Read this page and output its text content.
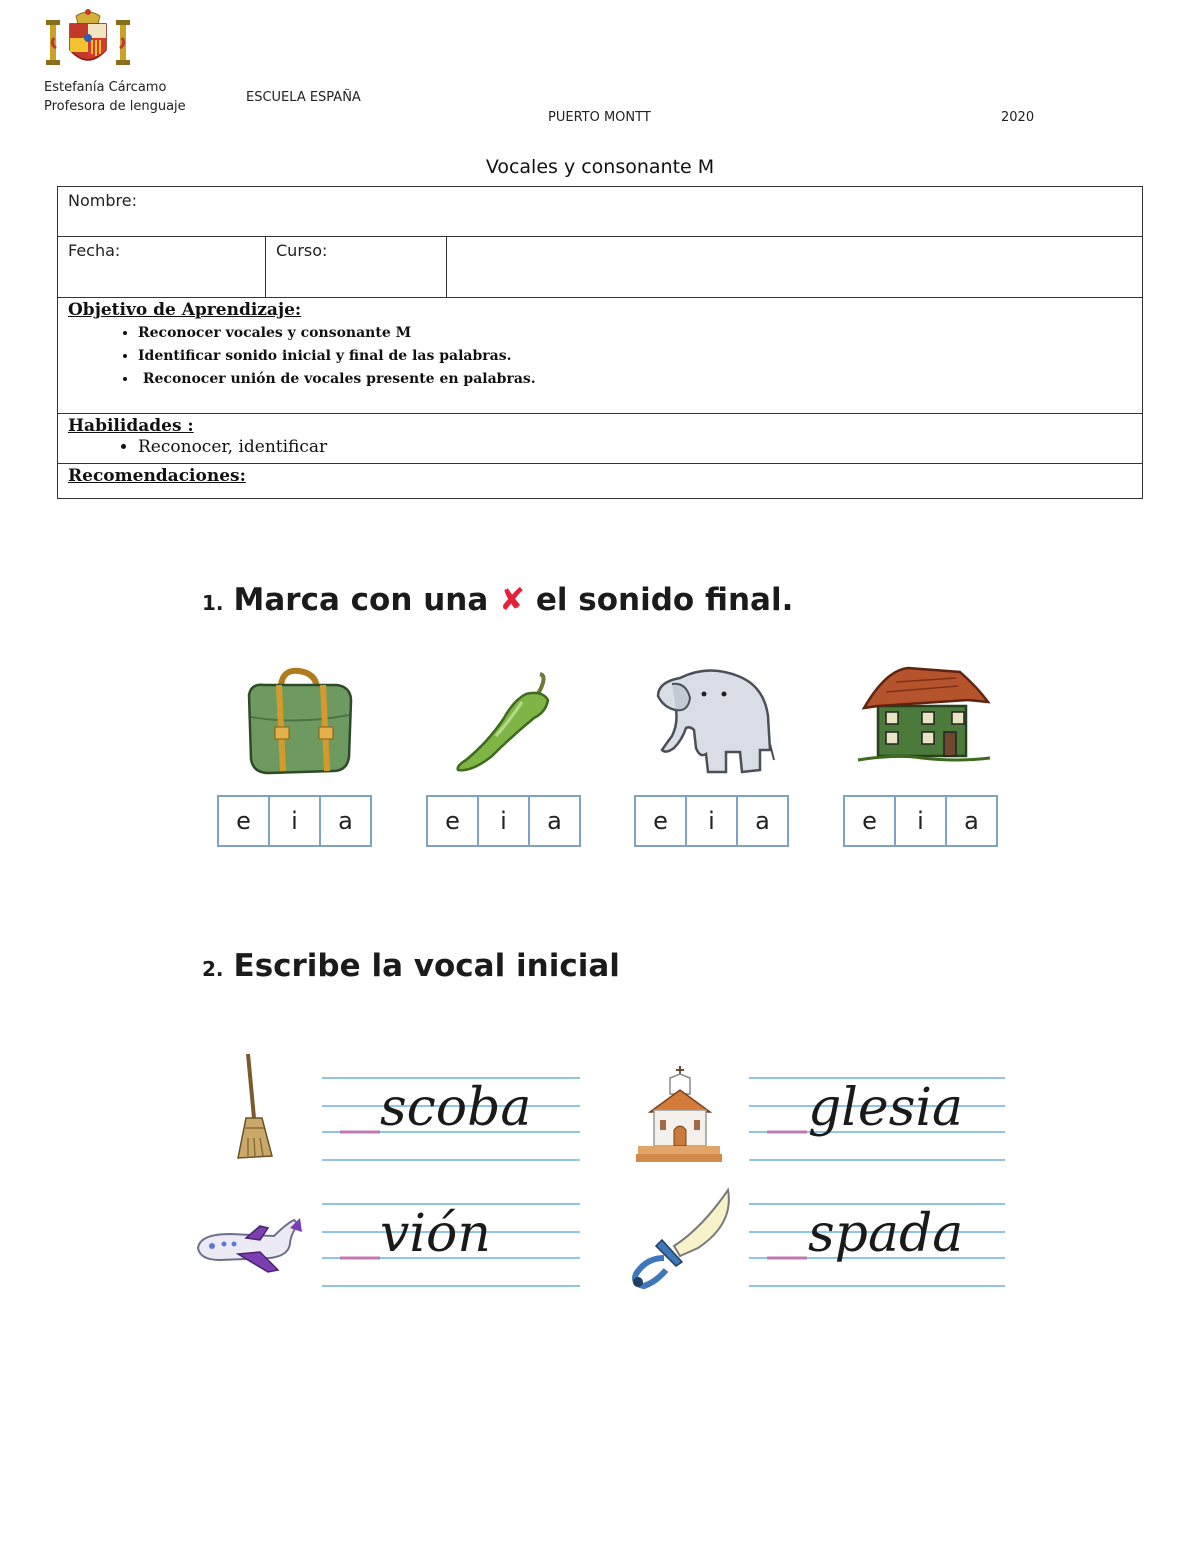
Estefanía Cárcamo
Profesora de lenguaje
ESCUELA ESPAÑA
PUERTO MONTT	2020
Vocales y consonante M
Nombre:
Fecha:	Curso:	

Objetivo de Aprendizaje:
• Reconocer vocales y consonante M
• Identificar sonido inicial y final de las palabras.
•  Reconocer unión de vocales presente en palabras.

Habilidades :
• Reconocer, identificar

Recomendaciones:
1. Marca con una ✘ el sonido final.
e	i	a	e	i	a	e	i	a	e	i	a
2. Escribe la vocal inicial
scoba	glesia
vión	spada
